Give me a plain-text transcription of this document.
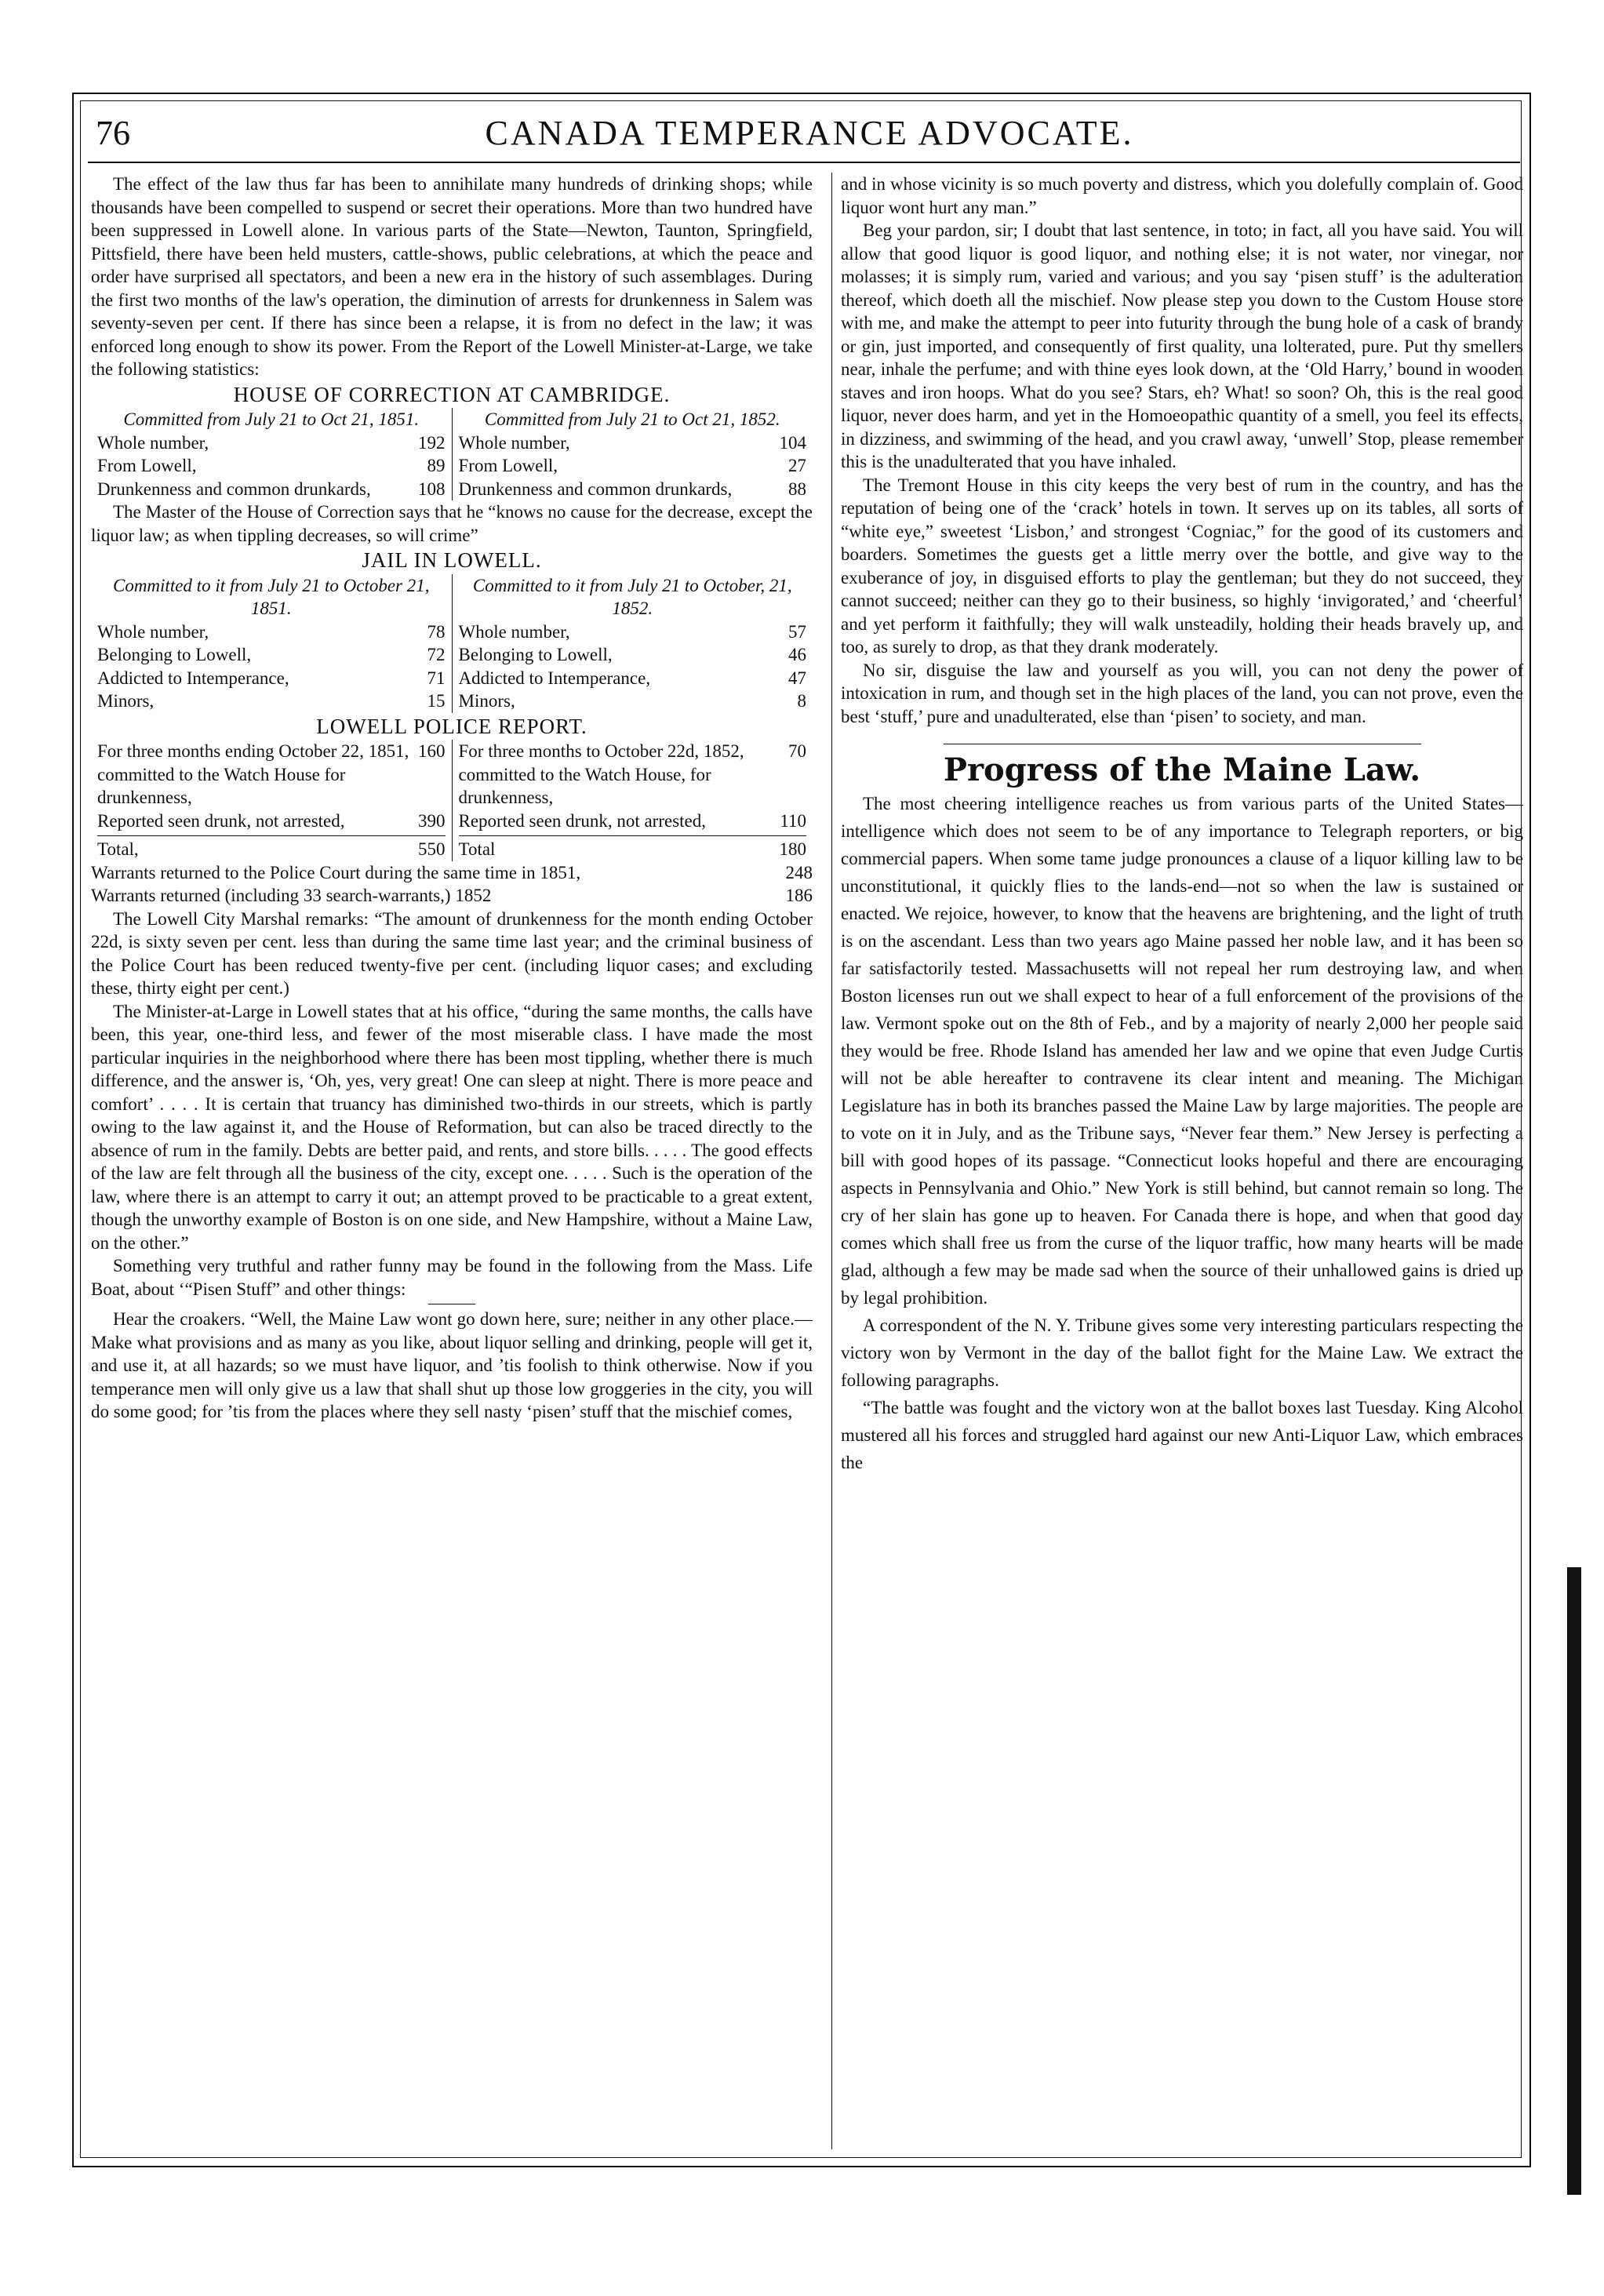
76	CANADA TEMPERANCE ADVOCATE.

The effect of the law thus far has been to annihilate many hundreds of drinking shops; while thousands have been compelled to suspend or secret their operations. More than two hundred have been suppressed in Lowell alone. In various parts of the State—Newton, Taunton, Springfield, Pittsfield, there have been held musters, cattle-shows, public celebrations, at which the peace and order have surprised all spectators, and been a new era in the history of such assemblages. During the first two months of the law's operation, the diminution of arrests for drunkenness in Salem was seventy-seven per cent. If there has since been a relapse, it is from no defect in the law; it was enforced long enough to show its power. From the Report of the Lowell Minister-at-Large, we take the following statistics:

HOUSE OF CORRECTION AT CAMBRIDGE.
Committed from July 21 to Oct 21, 1851.
Whole number,	192
From Lowell,	89
Drunkenness and common drunkards,	108
Committed from July 21 to Oct 21, 1852.
Whole number,	104
From Lowell,	27
Drunkenness and common drunkards,	88

The Master of the House of Correction says that he “knows no cause for the decrease, except the liquor law; as when tippling decreases, so will crime”

JAIL IN LOWELL.
Committed to it from July 21 to October 21, 1851.
Whole number,	78
Belonging to Lowell,	72
Addicted to Intemperance,	71
Minors,	15
Committed to it from July 21 to October, 21, 1852.
Whole number,	57
Belonging to Lowell,	46
Addicted to Intemperance,	47
Minors,	8
LOWELL POLICE REPORT.
For three months ending October 22, 1851, committed to the Watch House for drunkenness,
160
Reported seen drunk, not arrested,	390
Total,	550
For three months to October 22d, 1852, committed to the Watch House, for drunkenness,
70
Reported seen drunk, not arrested,	110
Total	180
Warrants returned to the Police Court during the same time in 1851,	248
Warrants returned (including 33 search-warrants,) 1852	186

The Lowell City Marshal remarks: “The amount of drunkenness for the month ending October 22d, is sixty seven per cent. less than during the same time last year; and the criminal business of the Police Court has been reduced twenty-five per cent. (including liquor cases; and excluding these, thirty eight per cent.)

The Minister-at-Large in Lowell states that at his office, “during the same months, the calls have been, this year, one-third less, and fewer of the most miserable class. I have made the most particular inquiries in the neighborhood where there has been most tippling, whether there is much difference, and the answer is, ‘Oh, yes, very great! One can sleep at night. There is more peace and comfort’ . . . . It is certain that truancy has diminished two-thirds in our streets, which is partly owing to the law against it, and the House of Reformation, but can also be traced directly to the absence of rum in the family. Debts are better paid, and rents, and store bills. . . . . The good effects of the law are felt through all the business of the city, except one. . . . . Such is the operation of the law, where there is an attempt to carry it out; an attempt proved to be practicable to a great extent, though the unworthy example of Boston is on one side, and New Hampshire, without a Maine Law, on the other.”

Something very truthful and rather funny may be found in the following from the Mass. Life Boat, about ‘“Pisen Stuff” and other things:

Hear the croakers. “Well, the Maine Law wont go down here, sure; neither in any other place.—Make what provisions and as many as you like, about liquor selling and drinking, people will get it, and use it, at all hazards; so we must have liquor, and ’tis foolish to think otherwise. Now if you temperance men will only give us a law that shall shut up those low groggeries in the city, you will do some good; for ’tis from the places where they sell nasty ‘pisen’ stuff that the mischief comes,

and in whose vicinity is so much poverty and distress, which you dolefully complain of. Good liquor wont hurt any man.”

Beg your pardon, sir; I doubt that last sentence, in toto; in fact, all you have said. You will allow that good liquor is good liquor, and nothing else; it is not water, nor vinegar, nor molasses; it is simply rum, varied and various; and you say ‘pisen stuff’ is the adulteration thereof, which doeth all the mischief. Now please step you down to the Custom House store with me, and make the attempt to peer into futurity through the bung hole of a cask of brandy or gin, just imported, and consequently of first quality, una lolterated, pure. Put thy smellers near, inhale the perfume; and with thine eyes look down, at the ‘Old Harry,’ bound in wooden staves and iron hoops. What do you see? Stars, eh? What! so soon? Oh, this is the real good liquor, never does harm, and yet in the Homoeopathic quantity of a smell, you feel its effects, in dizziness, and swimming of the head, and you crawl away, ‘unwell’ Stop, please remember this is the unadulterated that you have inhaled.

The Tremont House in this city keeps the very best of rum in the country, and has the reputation of being one of the ‘crack’ hotels in town. It serves up on its tables, all sorts of “white eye,” sweetest ‘Lisbon,’ and strongest ‘Cogniac,” for the good of its customers and boarders. Sometimes the guests get a little merry over the bottle, and give way to the exuberance of joy, in disguised efforts to play the gentleman; but they do not succeed, they cannot succeed; neither can they go to their business, so highly ‘invigorated,’ and ‘cheerful’ and yet perform it faithfully; they will walk unsteadily, holding their heads bravely up, and too, as surely to drop, as that they drank moderately.

No sir, disguise the law and yourself as you will, you can not deny the power of intoxication in rum, and though set in the high places of the land, you can not prove, even the best ‘stuff,’ pure and unadulterated, else than ‘pisen’ to society, and man.

Progress of the Maine Law.

The most cheering intelligence reaches us from various parts of the United States—intelligence which does not seem to be of any importance to Telegraph reporters, or big commercial papers. When some tame judge pronounces a clause of a liquor killing law to be unconstitutional, it quickly flies to the lands-end—not so when the law is sustained or enacted. We rejoice, however, to know that the heavens are brightening, and the light of truth is on the ascendant. Less than two years ago Maine passed her noble law, and it has been so far satisfactorily tested. Massachusetts will not repeal her rum destroying law, and when Boston licenses run out we shall expect to hear of a full enforcement of the provisions of the law. Vermont spoke out on the 8th of Feb., and by a majority of nearly 2,000 her people said they would be free. Rhode Island has amended her law and we opine that even Judge Curtis will not be able hereafter to contravene its clear intent and meaning. The Michigan Legislature has in both its branches passed the Maine Law by large majorities. The people are to vote on it in July, and as the Tribune says, “Never fear them.” New Jersey is perfecting a bill with good hopes of its passage. “Connecticut looks hopeful and there are encouraging aspects in Pennsylvania and Ohio.” New York is still behind, but cannot remain so long. The cry of her slain has gone up to heaven. For Canada there is hope, and when that good day comes which shall free us from the curse of the liquor traffic, how many hearts will be made glad, although a few may be made sad when the source of their unhallowed gains is dried up by legal prohibition.

A correspondent of the N. Y. Tribune gives some very interesting particulars respecting the victory won by Vermont in the day of the ballot fight for the Maine Law. We extract the following paragraphs.

“The battle was fought and the victory won at the ballot boxes last Tuesday. King Alcohol mustered all his forces and struggled hard against our new Anti-Liquor Law, which embraces the
